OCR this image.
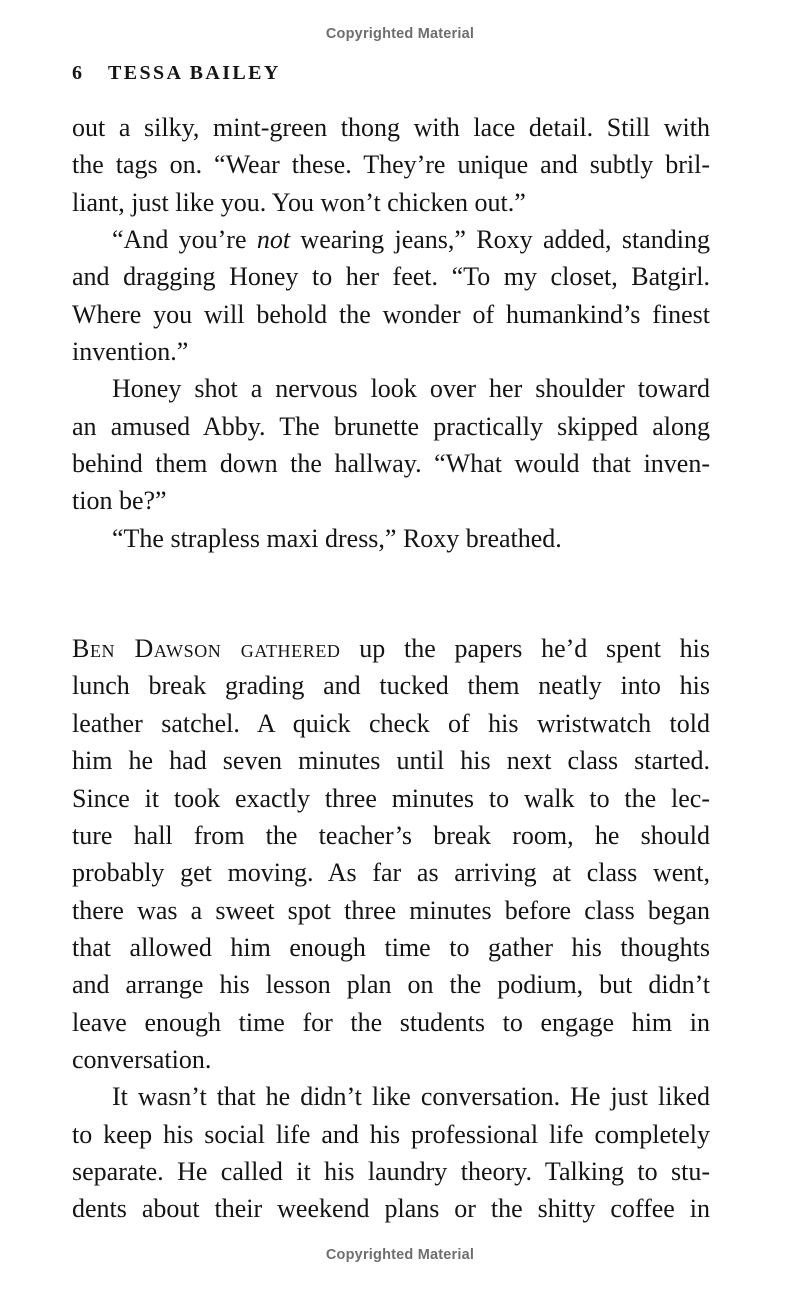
Copyrighted Material
6 TESSA BAILEY
out a silky, mint-green thong with lace detail. Still with
the tags on. “Wear these. They’re unique and subtly bril-
liant, just like you. You won’t chicken out.”
“And you’re not wearing jeans,” Roxy added, standing
and dragging Honey to her feet. “To my closet, Batgirl.
Where you will behold the wonder of humankind’s finest
invention.”
Honey shot a nervous look over her shoulder toward
an amused Abby. The brunette practically skipped along
behind them down the hallway. “What would that inven-
tion be?”
“The strapless maxi dress,” Roxy breathed.
Ben Dawson gathered up the papers he’d spent his
lunch break grading and tucked them neatly into his
leather satchel. A quick check of his wristwatch told
him he had seven minutes until his next class started.
Since it took exactly three minutes to walk to the lec-
ture hall from the teacher’s break room, he should
probably get moving. As far as arriving at class went,
there was a sweet spot three minutes before class began
that allowed him enough time to gather his thoughts
and arrange his lesson plan on the podium, but didn’t
leave enough time for the students to engage him in
conversation.
It wasn’t that he didn’t like conversation. He just liked
to keep his social life and his professional life completely
separate. He called it his laundry theory. Talking to stu-
dents about their weekend plans or the shitty coffee in
Copyrighted Material
